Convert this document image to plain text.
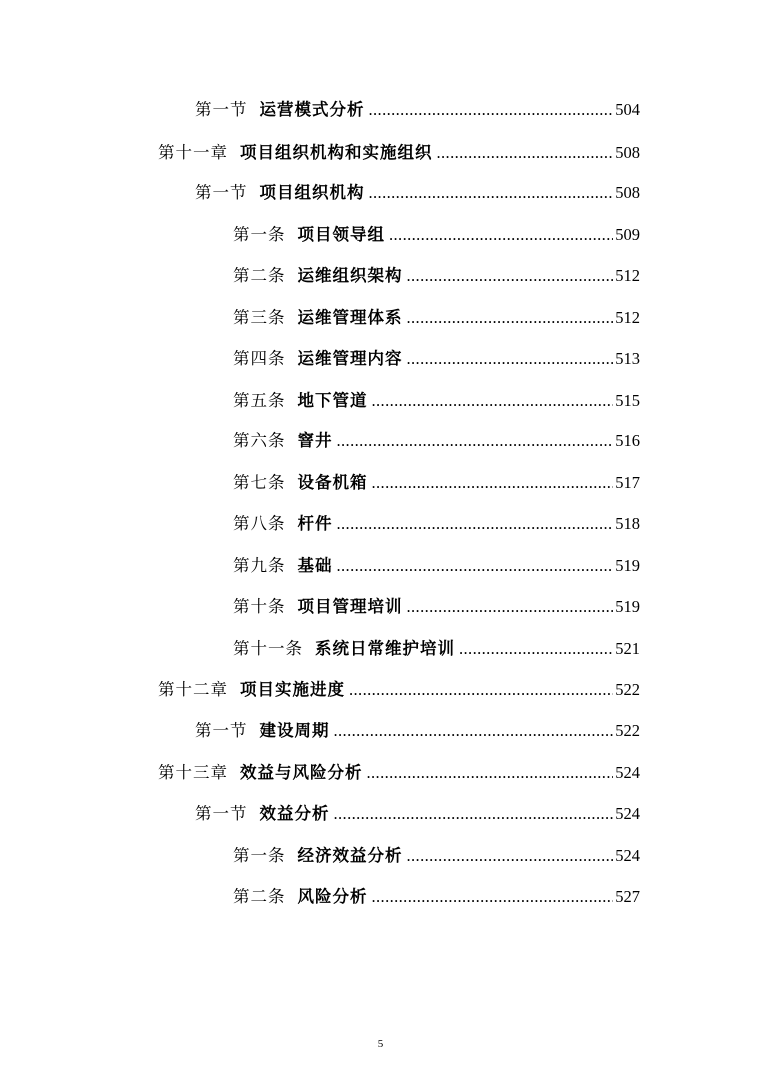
第一节 运营模式分析 .....	504
第十一章 项目组织机构和实施组织 .....	508
第一节 项目组织机构 .....	508
第一条 项目领导组 .....	509
第二条 运维组织架构 .....	512
第三条 运维管理体系 .....	512
第四条 运维管理内容 .....	513
第五条 地下管道 .....	515
第六条 窨井 .....	516
第七条 设备机箱 .....	517
第八条 杆件 .....	518
第九条 基础 .....	519
第十条 项目管理培训 .....	519
第十一条 系统日常维护培训 .....	521
第十二章 项目实施进度 .....	522
第一节 建设周期 .....	522
第十三章 效益与风险分析 .....	524
第一节 效益分析 .....	524
第一条 经济效益分析 .....	524
第二条 风险分析 .....	527
5
